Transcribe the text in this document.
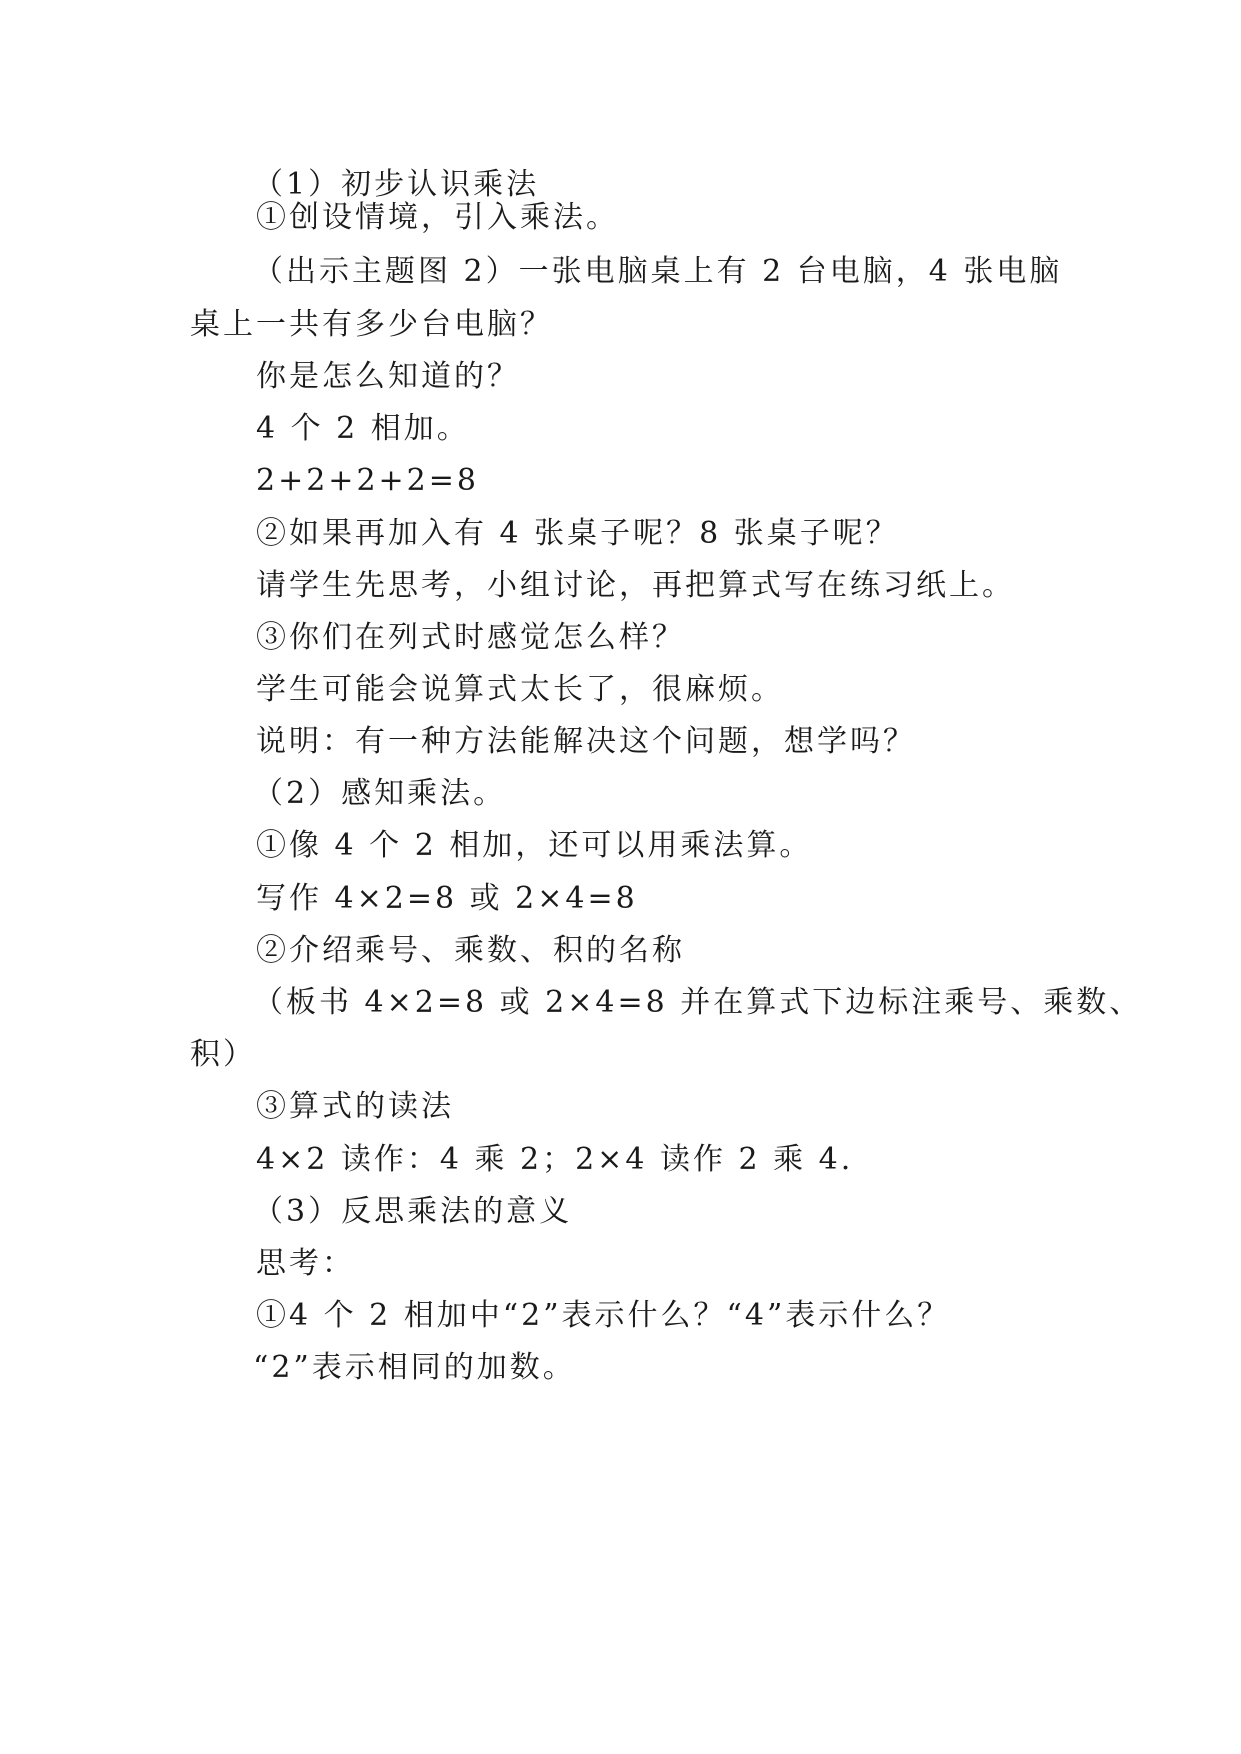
（1）初步认识乘法
①创设情境，引入乘法。
（出示主题图 2）一张电脑桌上有 2 台电脑，4 张电脑
桌上一共有多少台电脑？
你是怎么知道的？
4 个 2 相加。
2+2+2+2=8
②如果再加入有 4 张桌子呢？8 张桌子呢？
请学生先思考，小组讨论，再把算式写在练习纸上。
③你们在列式时感觉怎么样？
学生可能会说算式太长了，很麻烦。
说明：有一种方法能解决这个问题，想学吗？
（2）感知乘法。
①像 4 个 2 相加，还可以用乘法算。
写作 4×2=8 或 2×4=8
②介绍乘号、乘数、积的名称
（板书 4×2=8 或 2×4=8 并在算式下边标注乘号、乘数、
积）
③算式的读法
4×2 读作：4 乘 2；2×4 读作 2 乘 4.
（3）反思乘法的意义
思考：
①4 个 2 相加中“2”表示什么？“4”表示什么？
“2”表示相同的加数。
